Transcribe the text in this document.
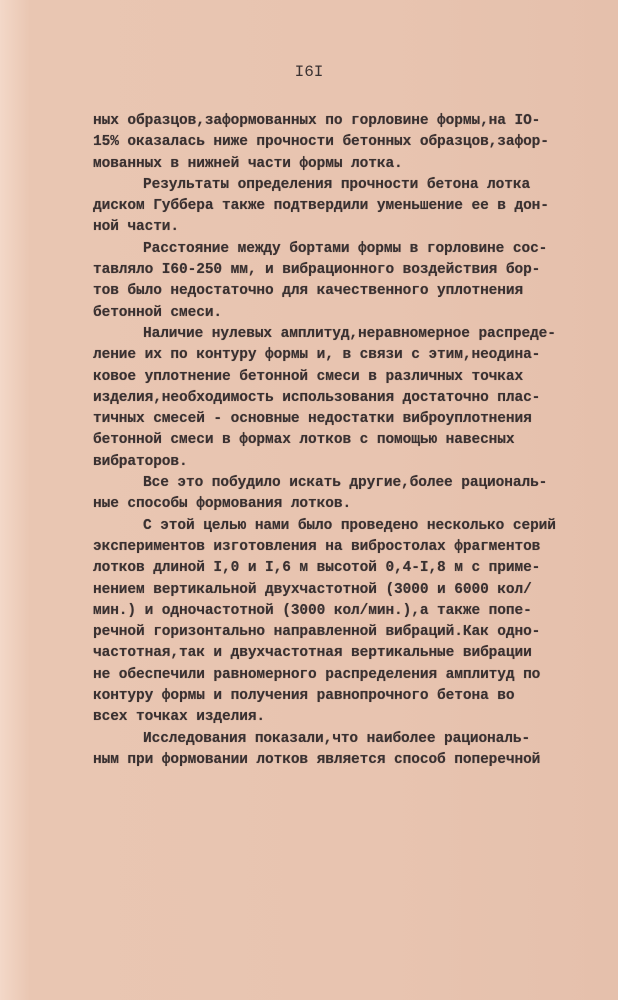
I6I
ных образцов,заформованных по горловине формы,на IO-
15% оказалась ниже прочности бетонных образцов,зафор-
мованных в нижней части формы лотка.
Результаты определения прочности бетона лотка
диском Губбера также подтвердили уменьшение ее в дон-
ной части.
Расстояние между бортами формы в горловине сос-
тавляло I60-250 мм, и вибрационного воздействия бор-
тов было недостаточно для качественного уплотнения
бетонной смеси.
Наличие нулевых амплитуд,неравномерное распреде-
ление их по контуру формы и, в связи с этим,неодина-
ковое уплотнение бетонной смеси в различных точках
изделия,необходимость использования достаточно плас-
тичных смесей - основные недостатки виброуплотнения
бетонной смеси в формах лотков с помощью навесных
вибраторов.
Все это побудило искать другие,более рациональ-
ные способы формования лотков.
С этой целью нами было проведено несколько серий
экспериментов изготовления на вибростолах фрагментов
лотков длиной I,0 и I,6 м высотой 0,4-I,8 м с приме-
нением вертикальной двухчастотной (3000 и 6000 кол/
мин.) и одночастотной (3000 кол/мин.),а также попе-
речной горизонтально направленной вибраций.Как одно-
частотная,так и двухчастотная вертикальные вибрации
не обеспечили равномерного распределения амплитуд по
контуру формы и получения равнопрочного бетона во
всех точках изделия.
Исследования показали,что наиболее рациональ-
ным при формовании лотков является способ поперечной
